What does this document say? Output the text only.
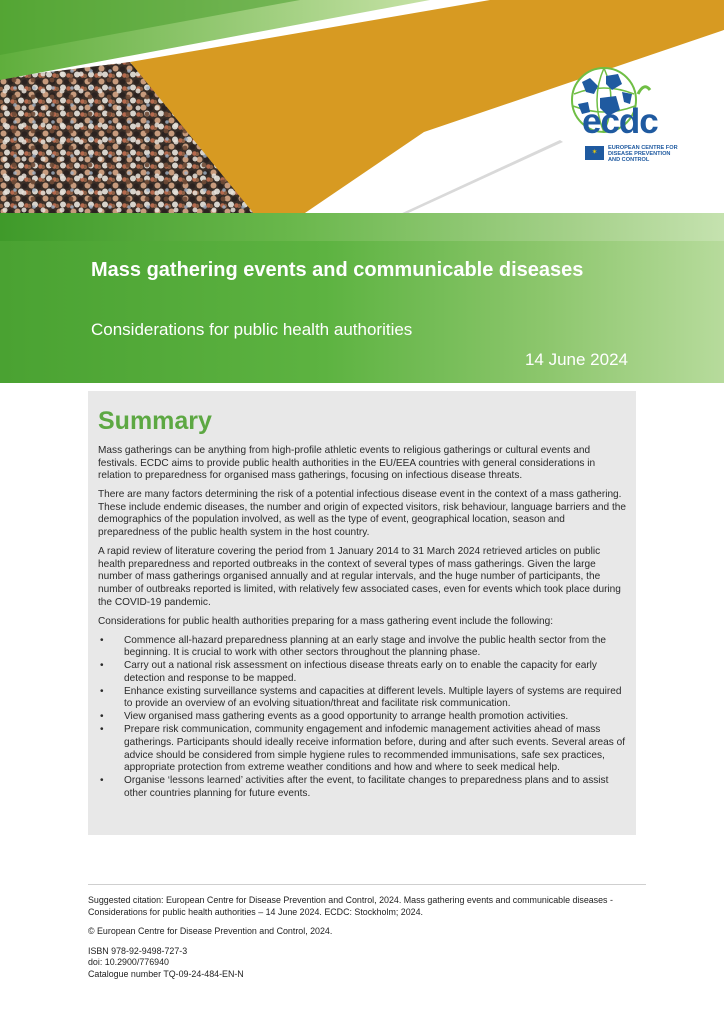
ecdc
✶
EUROPEAN CENTRE FOR
DISEASE PREVENTION
AND CONTROL
Mass gathering events and communicable diseases
Considerations for public health authorities
14 June 2024
Summary

Mass gatherings can be anything from high-profile athletic events to religious gatherings or cultural events and festivals. ECDC aims to provide public health authorities in the EU/EEA countries with general considerations in relation to preparedness for organised mass gatherings, focusing on infectious disease threats.

There are many factors determining the risk of a potential infectious disease event in the context of a mass gathering. These include endemic diseases, the number and origin of expected visitors, risk behaviour, language barriers and the demographics of the population involved, as well as the type of event, geographical location, season and preparedness of the public health system in the host country.

A rapid review of literature covering the period from 1 January 2014 to 31 March 2024 retrieved articles on public health preparedness and reported outbreaks in the context of several types of mass gatherings. Given the large number of mass gatherings organised annually and at regular intervals, and the huge number of participants, the number of outbreaks reported is limited, with relatively few associated cases, even for events which took place during the COVID-19 pandemic.

Considerations for public health authorities preparing for a mass gathering event include the following:

• Commence all-hazard preparedness planning at an early stage and involve the public health sector from the beginning. It is crucial to work with other sectors throughout the planning phase.
• Carry out a national risk assessment on infectious disease threats early on to enable the capacity for early detection and response to be mapped.
• Enhance existing surveillance systems and capacities at different levels. Multiple layers of systems are required to provide an overview of an evolving situation/threat and facilitate risk communication.
• View organised mass gathering events as a good opportunity to arrange health promotion activities.
• Prepare risk communication, community engagement and infodemic management activities ahead of mass gatherings. Participants should ideally receive information before, during and after such events. Several areas of advice should be considered from simple hygiene rules to recommended immunisations, safe sex practices, appropriate protection from extreme weather conditions and how and where to seek medical help.
• Organise ‘lessons learned’ activities after the event, to facilitate changes to preparedness plans and to assist other countries planning for future events.

Suggested citation: European Centre for Disease Prevention and Control, 2024. Mass gathering events and communicable diseases - Considerations for public health authorities – 14 June 2024. ECDC: Stockholm; 2024.

© European Centre for Disease Prevention and Control, 2024.

ISBN 978-92-9498-727-3
doi: 10.2900/776940
Catalogue number TQ-09-24-484-EN-N
